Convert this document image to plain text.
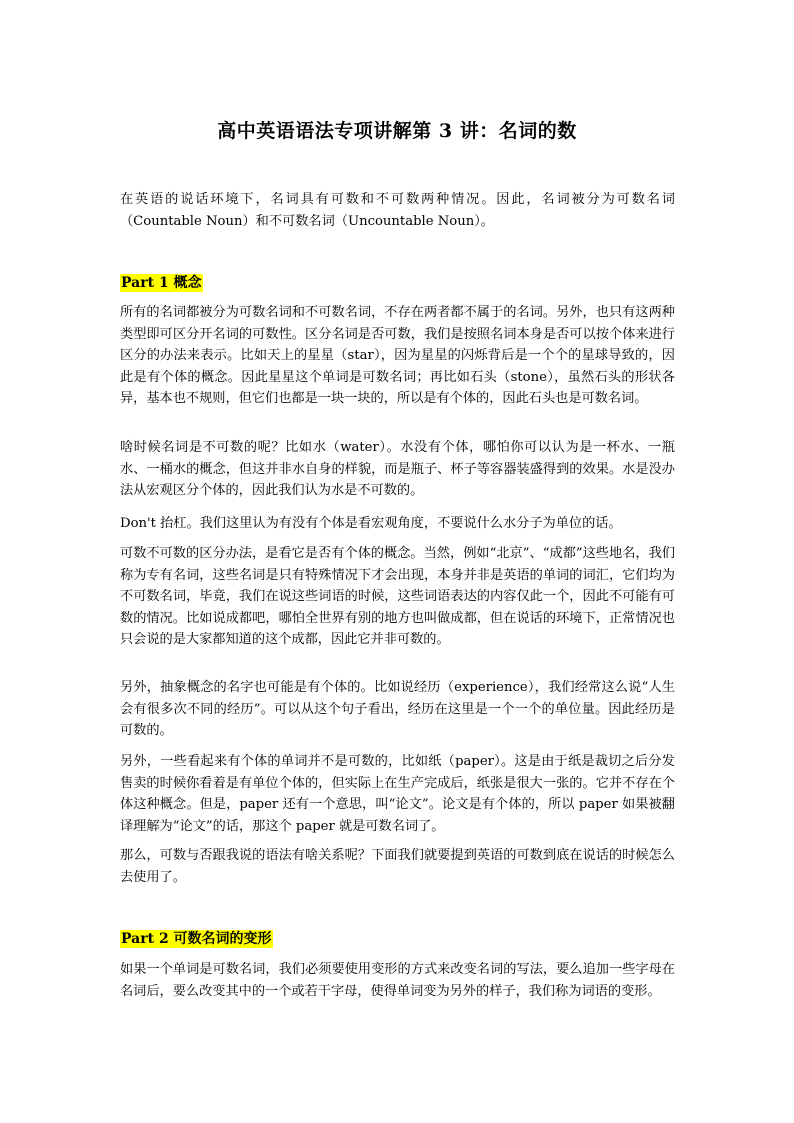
高中英语语法专项讲解第 3 讲：名词的数

在英语的说话环境下，名词具有可数和不可数两种情况。因此，名词被分为可数名词（Countable Noun）和不可数名词（Uncountable Noun）。

Part 1 概念

所有的名词都被分为可数名词和不可数名词，不存在两者都不属于的名词。另外，也只有这两种类型即可区分开名词的可数性。区分名词是否可数，我们是按照名词本身是否可以按个体来进行区分的办法来表示。比如天上的星星（star），因为星星的闪烁背后是一个个的星球导致的，因此是有个体的概念。因此星星这个单词是可数名词；再比如石头（stone），虽然石头的形状各异，基本也不规则，但它们也都是一块一块的，所以是有个体的，因此石头也是可数名词。

啥时候名词是不可数的呢？比如水（water）。水没有个体，哪怕你可以认为是一杯水、一瓶水、一桶水的概念，但这并非水自身的样貌，而是瓶子、杯子等容器装盛得到的效果。水是没办法从宏观区分个体的，因此我们认为水是不可数的。

Don't 抬杠。我们这里认为有没有个体是看宏观角度，不要说什么水分子为单位的话。

可数不可数的区分办法，是看它是否有个体的概念。当然，例如“北京”、“成都”这些地名，我们称为专有名词，这些名词是只有特殊情况下才会出现，本身并非是英语的单词的词汇，它们均为不可数名词，毕竟，我们在说这些词语的时候，这些词语表达的内容仅此一个，因此不可能有可数的情况。比如说成都吧，哪怕全世界有别的地方也叫做成都，但在说话的环境下，正常情况也只会说的是大家都知道的这个成都，因此它并非可数的。

另外，抽象概念的名字也可能是有个体的。比如说经历（experience），我们经常这么说“人生会有很多次不同的经历”。可以从这个句子看出，经历在这里是一个一个的单位量。因此经历是可数的。

另外，一些看起来有个体的单词并不是可数的，比如纸（paper）。这是由于纸是裁切之后分发售卖的时候你看着是有单位个体的，但实际上在生产完成后，纸张是很大一张的。它并不存在个体这种概念。但是，paper 还有一个意思，叫“论文”。论文是有个体的，所以 paper 如果被翻译理解为“论文”的话，那这个 paper 就是可数名词了。

那么，可数与否跟我说的语法有啥关系呢？下面我们就要提到英语的可数到底在说话的时候怎么去使用了。

Part 2 可数名词的变形

如果一个单词是可数名词，我们必须要使用变形的方式来改变名词的写法，要么追加一些字母在名词后，要么改变其中的一个或若干字母，使得单词变为另外的样子，我们称为词语的变形。
